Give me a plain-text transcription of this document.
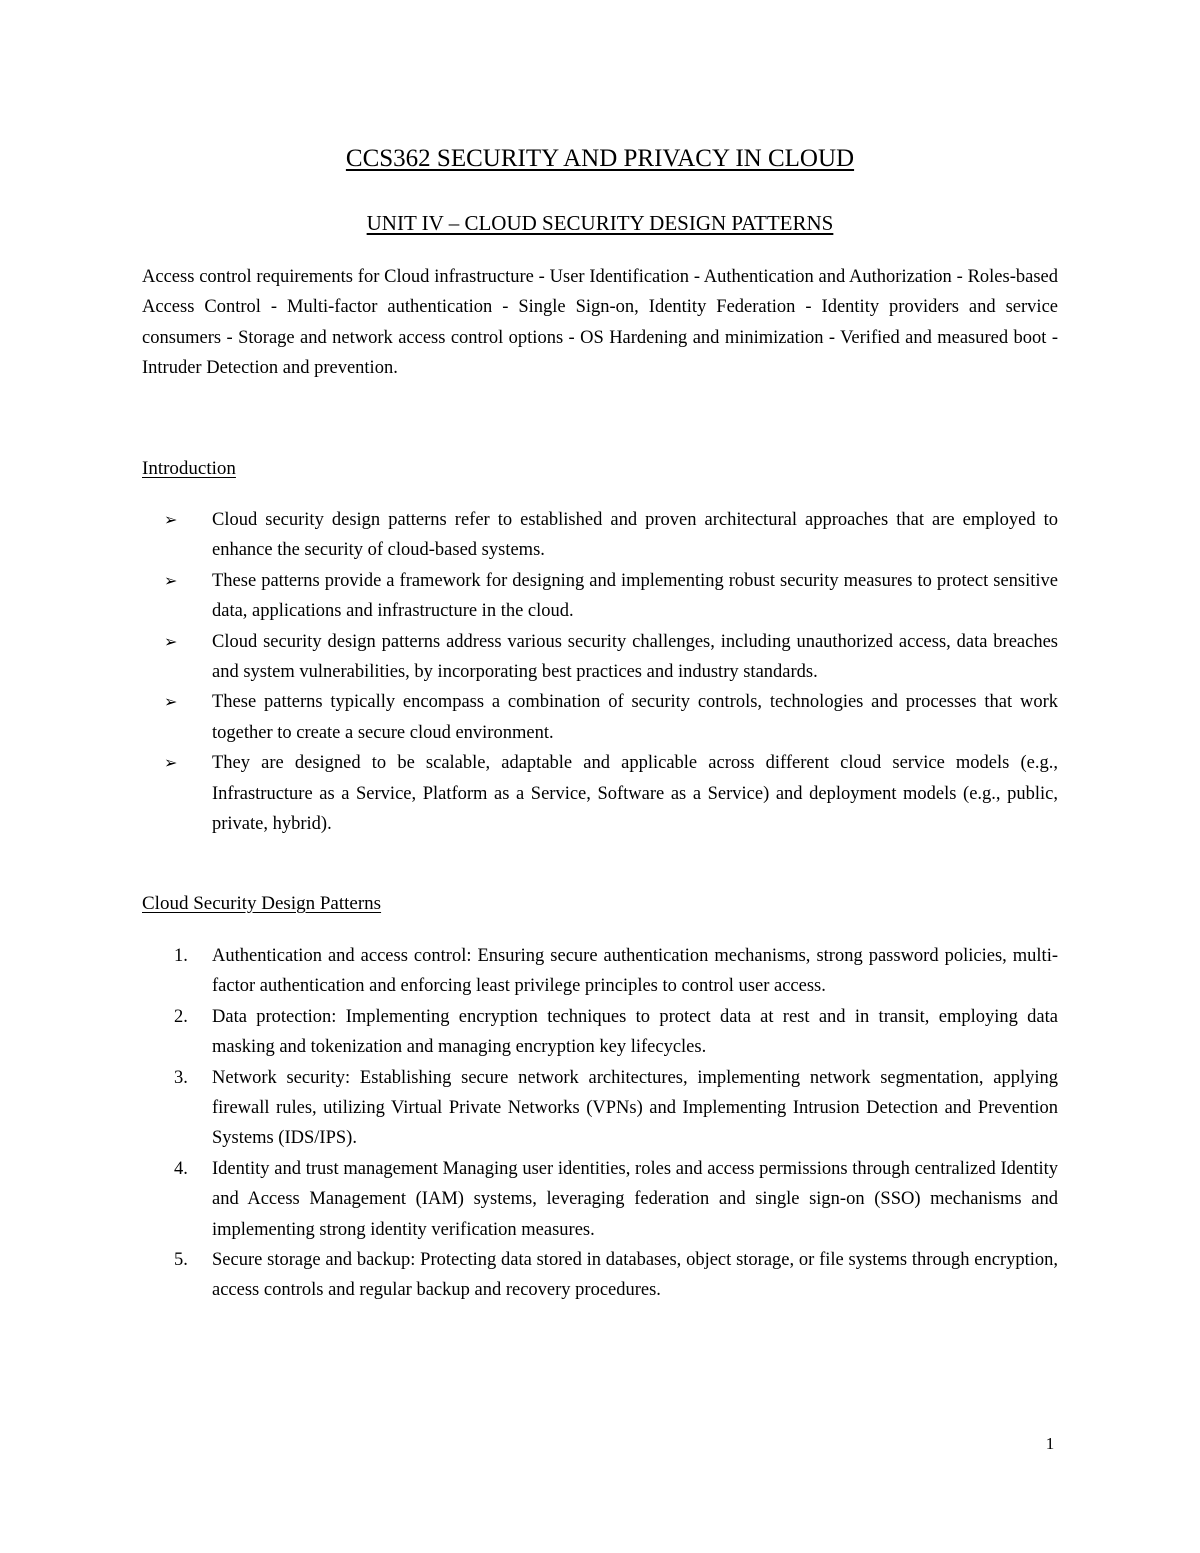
CCS362 SECURITY AND PRIVACY IN CLOUD
UNIT IV – CLOUD SECURITY DESIGN PATTERNS

Access control requirements for Cloud infrastructure - User Identification - Authentication and Authorization - Roles-based Access Control - Multi-factor authentication - Single Sign-on, Identity Federation - Identity providers and service consumers - Storage and network access control options - OS Hardening and minimization - Verified and measured boot - Intruder Detection and prevention.

Introduction
➢	Cloud security design patterns refer to established and proven architectural approaches that are employed to enhance the security of cloud-based systems.
➢	These patterns provide a framework for designing and implementing robust security measures to protect sensitive data, applications and infrastructure in the cloud.
➢	Cloud security design patterns address various security challenges, including unauthorized access, data breaches and system vulnerabilities, by incorporating best practices and industry standards.
➢	These patterns typically encompass a combination of security controls, technologies and processes that work together to create a secure cloud environment.
➢	They are designed to be scalable, adaptable and applicable across different cloud service models (e.g., Infrastructure as a Service, Platform as a Service, Software as a Service) and deployment models (e.g., public, private, hybrid).
Cloud Security Design Patterns
1.	Authentication and access control: Ensuring secure authentication mechanisms, strong password policies, multi-factor authentication and enforcing least privilege principles to control user access.
2.	Data protection: Implementing encryption techniques to protect data at rest and in transit, employing data masking and tokenization and managing encryption key lifecycles.
3.	Network security: Establishing secure network architectures, implementing network segmentation, applying firewall rules, utilizing Virtual Private Networks (VPNs) and Implementing Intrusion Detection and Prevention Systems (IDS/IPS).
4.	Identity and trust management Managing user identities, roles and access permissions through centralized Identity and Access Management (IAM) systems, leveraging federation and single sign-on (SSO) mechanisms and implementing strong identity verification measures.
5.	Secure storage and backup: Protecting data stored in databases, object storage, or file systems through encryption, access controls and regular backup and recovery procedures.
1
